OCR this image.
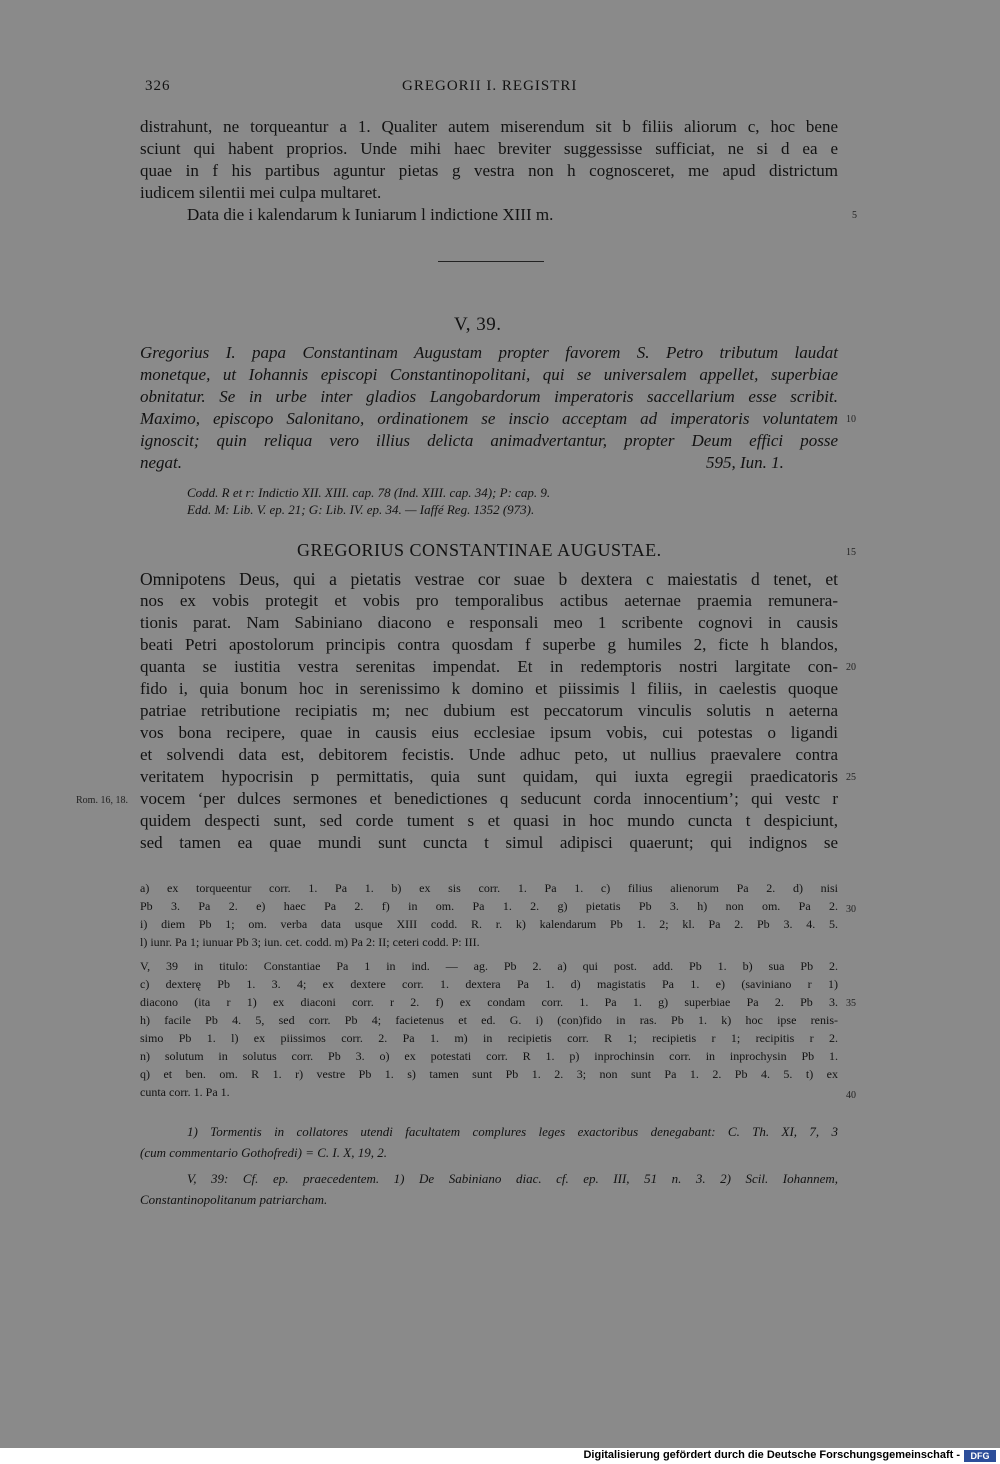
326	GREGORII I. REGISTRI
distrahunt, ne torqueantur a 1. Qualiter autem miserendum sit b filiis aliorum c, hoc bene
sciunt qui habent proprios. Unde mihi haec breviter suggessisse sufficiat, ne si d ea e
quae in f his partibus aguntur pietas g vestra non h cognosceret, me apud districtum
iudicem silentii mei culpa multaret.
Data die i kalendarum k Iuniarum l indictione XIII m.	5
V, 39.
Gregorius I. papa Constantinam Augustam propter favorem S. Petro tributum laudat
monetque, ut Iohannis episcopi Constantinopolitani, qui se universalem appellet, superbiae
obnitatur. Se in urbe inter gladios Langobardorum imperatoris saccellarium esse scribit.
Maximo, episcopo Salonitano, ordinationem se inscio acceptam ad imperatoris voluntatem
ignoscit; quin reliqua vero illius delicta animadvertantur, propter Deum effici posse
negat.	595, Iun. 1.
10
Codd. R et r: Indictio XII. XIII. cap. 78 (Ind. XIII. cap. 34); P: cap. 9.
Edd. M: Lib. V. ep. 21; G: Lib. IV. ep. 34. — Iaffé Reg. 1352 (973).
GREGORIUS CONSTANTINAE AUGUSTAE.	15
Omnipotens Deus, qui a pietatis vestrae cor suae b dextera c maiestatis d tenet, et
nos ex vobis protegit et vobis pro temporalibus actibus aeternae praemia remunera-
tionis parat. Nam Sabiniano diacono e responsali meo 1 scribente cognovi in causis
beati Petri apostolorum principis contra quosdam f superbe g humiles 2, ficte h blandos,
quanta se iustitia vestra serenitas impendat. Et in redemptoris nostri largitate con-
fido i, quia bonum hoc in serenissimo k domino et piissimis l filiis, in caelestis quoque
patriae retributione recipiatis m; nec dubium est peccatorum vinculis solutis n aeterna
vos bona recipere, quae in causis eius ecclesiae ipsum vobis, cui potestas o ligandi
et solvendi data est, debitorem fecistis. Unde adhuc peto, ut nullius praevalere contra
veritatem hypocrisin p permittatis, quia sunt quidam, qui iuxta egregii praedicatoris
vocem ‘per dulces sermones et benedictiones q seducunt corda innocentium’; qui vestc r
quidem despecti sunt, sed corde tument s et quasi in hoc mundo cuncta t despiciunt,
sed tamen ea quae mundi sunt cuncta t simul adipisci quaerunt; qui indignos se
20
25
Rom. 16, 18.
a) ex torqueentur corr. 1. Pa 1. b) ex sis corr. 1. Pa 1. c) filius alienorum Pa 2. d) nisi
Pb 3. Pa 2. e) haec Pa 2. f) in om. Pa 1. 2. g) pietatis Pb 3. h) non om. Pa 2.
i) diem Pb 1; om. verba data usque XIII codd. R. r. k) kalendarum Pb 1. 2; kl. Pa 2. Pb 3. 4. 5.
l) iunr. Pa 1; iunuar Pb 3; iun. cet. codd. m) Pa 2: II; ceteri codd. P: III.
30
V, 39 in titulo: Constantiae Pa 1 in ind. — ag. Pb 2. a) qui post. add. Pb 1. b) sua Pb 2.
c) dexterę Pb 1. 3. 4; ex dextere corr. 1. dextera Pa 1. d) magistatis Pa 1. e) (saviniano r 1)
diacono (ita r 1) ex diaconi corr. r 2. f) ex condam corr. 1. Pa 1. g) superbiae Pa 2. Pb 3.
h) facile Pb 4. 5, sed corr. Pb 4; facietenus et ed. G. i) (con)fido in ras. Pb 1. k) hoc ipse renis-
simo Pb 1. l) ex piissimos corr. 2. Pa 1. m) in recipietis corr. R 1; recipietis r 1; recipitis r 2.
n) solutum in solutus corr. Pb 3. o) ex potestati corr. R 1. p) inprochinsin corr. in inprochysin Pb 1.
q) et ben. om. R 1. r) vestre Pb 1. s) tamen sunt Pb 1. 2. 3; non sunt Pa 1. 2. Pb 4. 5. t) ex
cunta corr. 1. Pa 1.
35
40
1) Tormentis in collatores utendi facultatem complures leges exactoribus denegabant: C. Th. XI, 7, 3
(cum commentario Gothofredi) = C. I. X, 19, 2.
V, 39: Cf. ep. praecedentem. 1) De Sabiniano diac. cf. ep. III, 51 n. 3. 2) Scil. Iohannem,
Constantinopolitanum patriarcham.
Digitalisierung gefördert durch die Deutsche Forschungsgemeinschaft -	DFG
